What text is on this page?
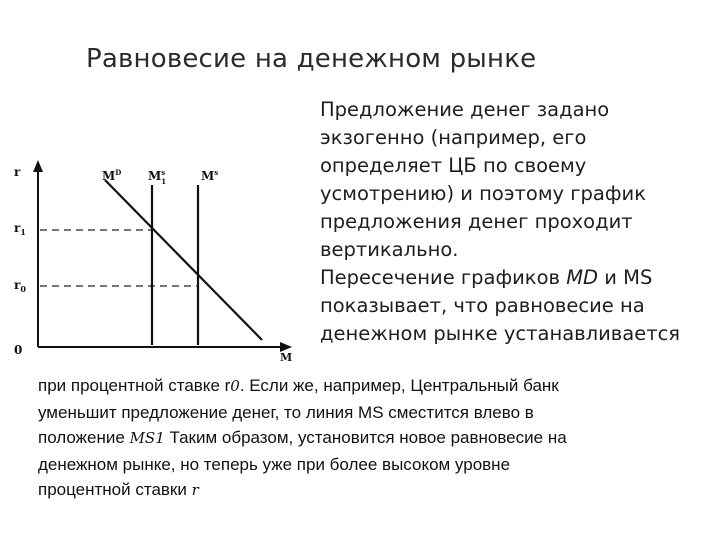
Равновесие на денежном рынке
r
$r_1$
$r_0$
0
M
$M^D$ $M^s$ 1	$M^s$
Предложение денег задано
экзогенно (например, его
определяет ЦБ по своему
усмотрению) и поэтому график
предложения денег проходит
вертикально.
Пересечение графиков MD и MS
показывает, что равновесие на
денежном рынке устанавливается
при процентной ставке r0. Если же, например, Центральный банк
уменьшит предложение денег, то линия MS сместится влево в
положение MS1 Таким образом, установится новое равновесие на
денежном рынке, но теперь уже при более высоком уровне
процентной ставки r
